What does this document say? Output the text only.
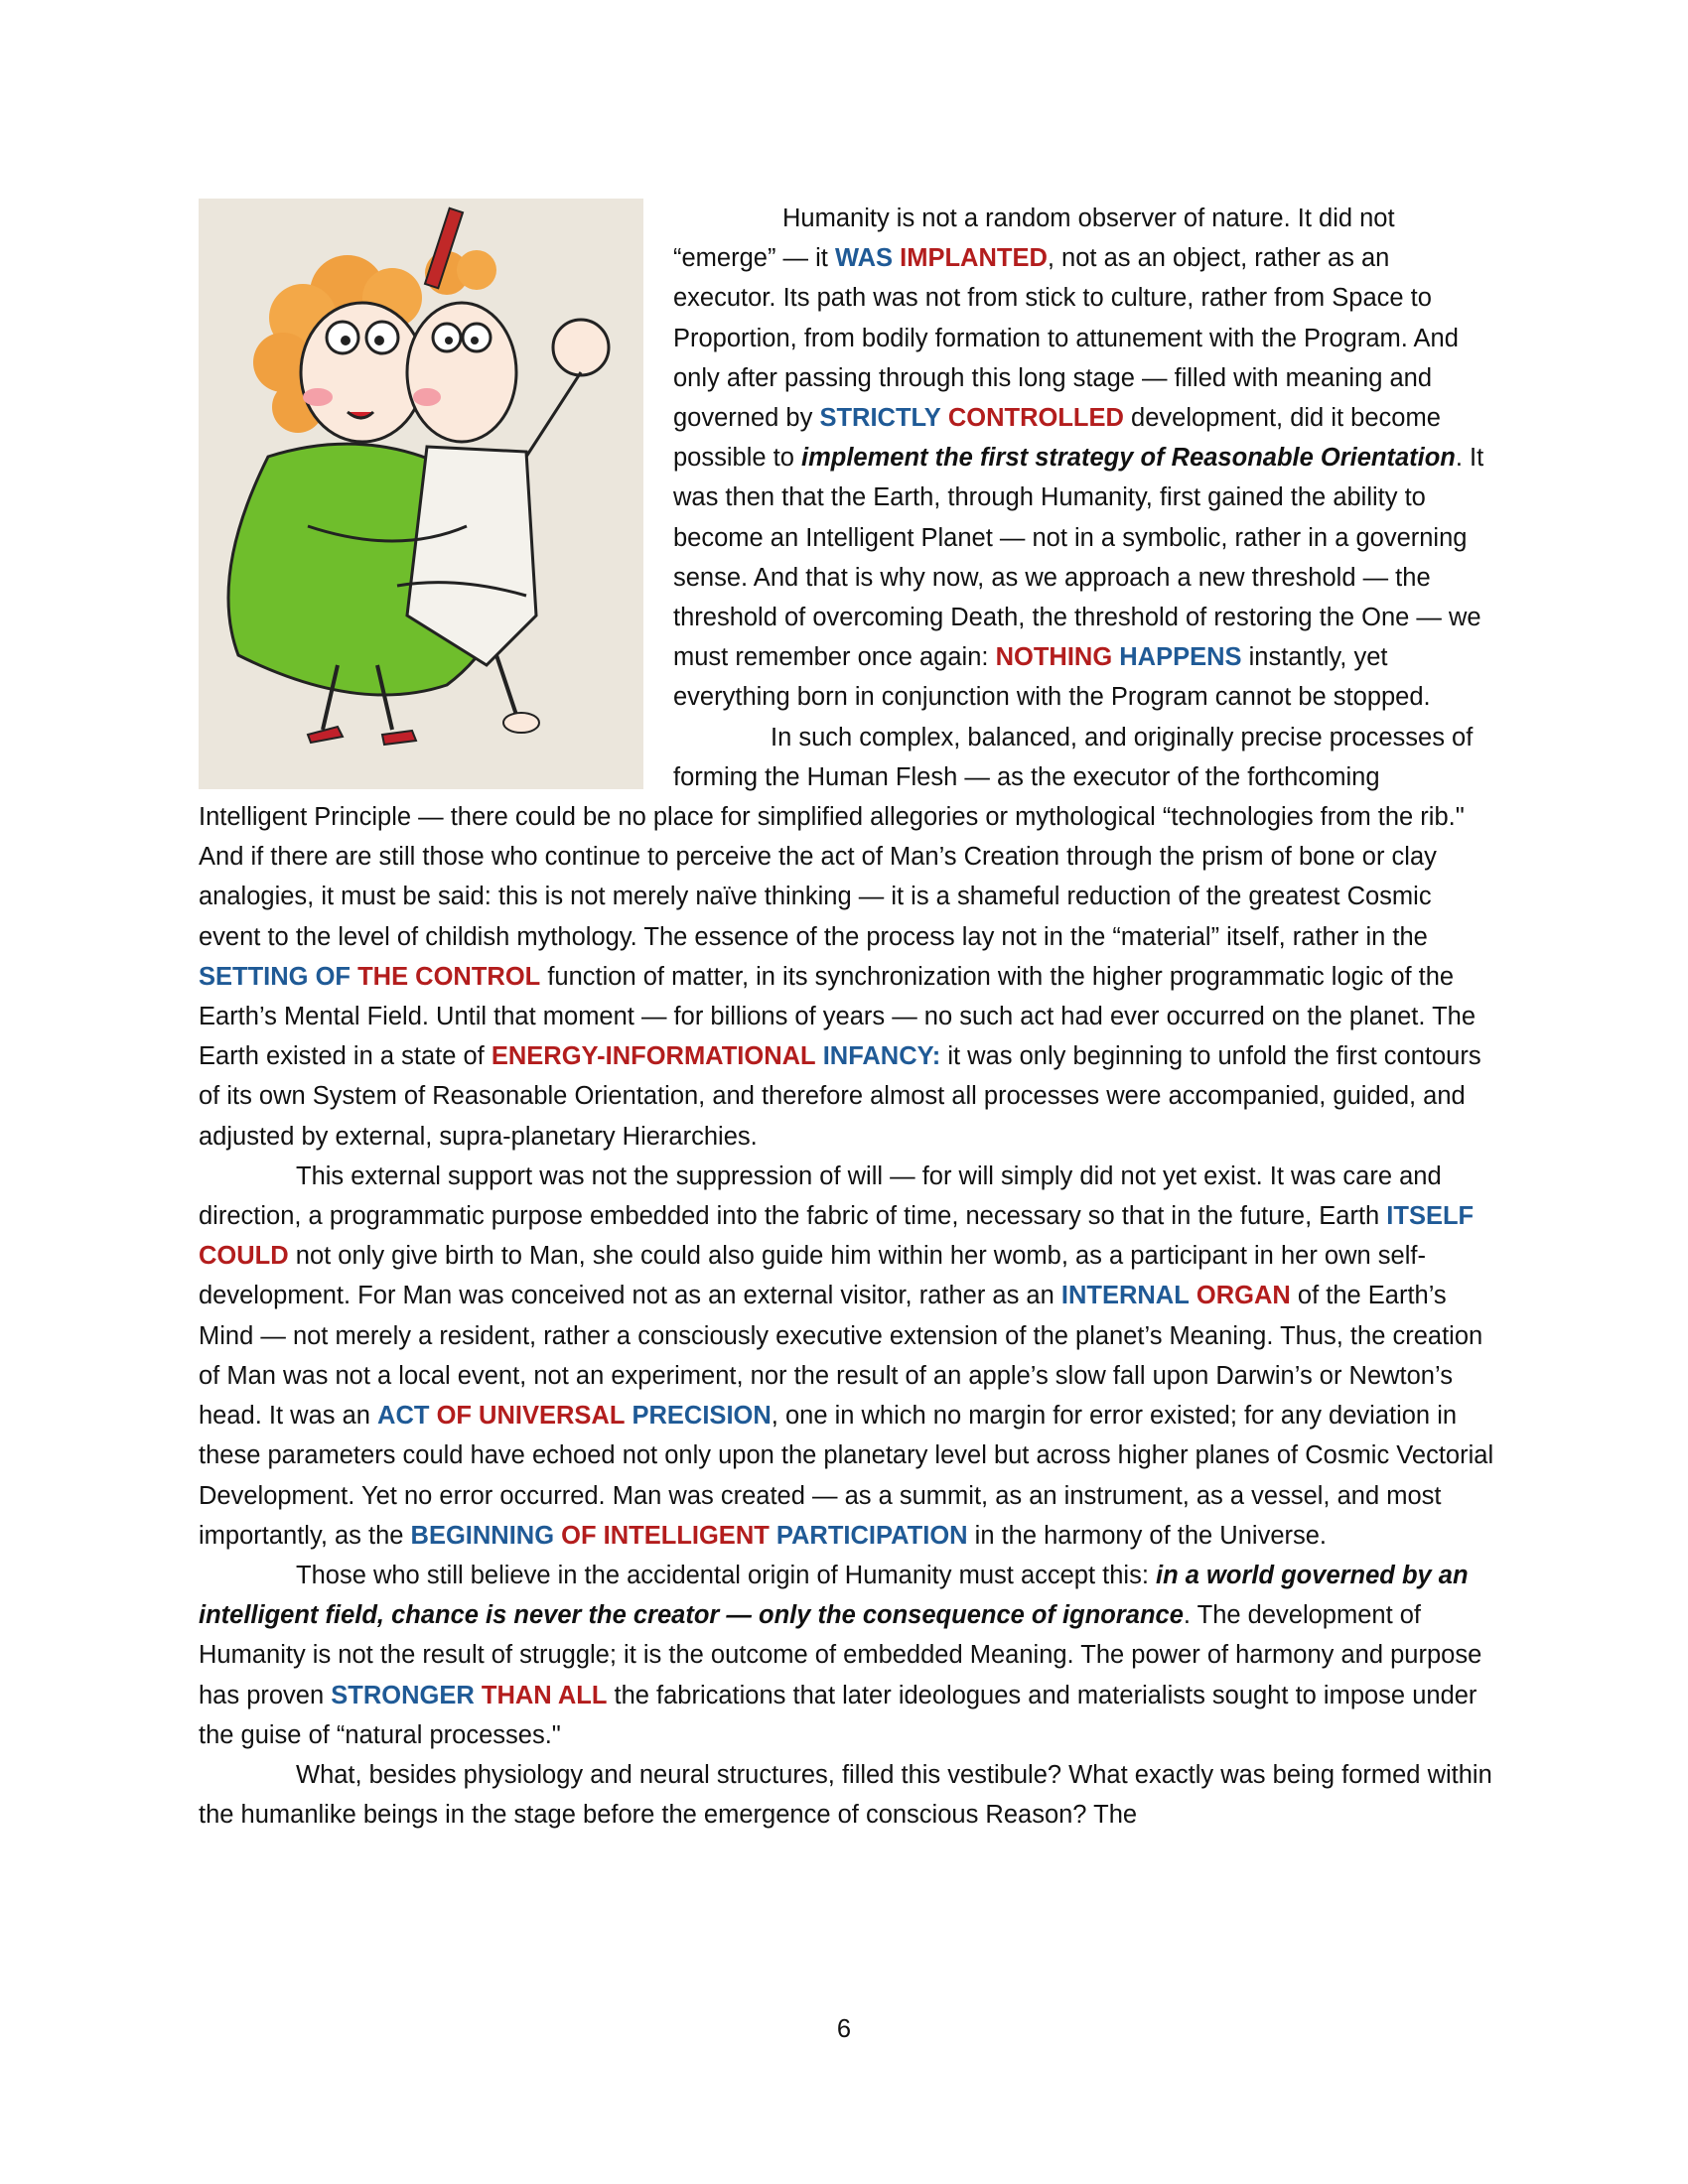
Humanity is not a random observer of nature. It did not “emerge” — it WAS IMPLANTED, not as an object, rather as an executor. Its path was not from stick to culture, rather from Space to Proportion, from bodily formation to attunement with the Program. And only after passing through this long stage — filled with meaning and governed by STRICTLY CONTROLLED development, did it become possible to implement the first strategy of Reasonable Orientation. It was then that the Earth, through Humanity, first gained the ability to become an Intelligent Planet — not in a symbolic, rather in a governing sense. And that is why now, as we approach a new threshold — the threshold of overcoming Death, the threshold of restoring the One — we must remember once again: NOTHING HAPPENS instantly, yet everything born in conjunction with the Program cannot be stopped.

In such complex, balanced, and originally precise processes of forming the Human Flesh — as the executor of the forthcoming Intelligent Principle — there could be no place for simplified allegories or mythological “technologies from the rib." And if there are still those who continue to perceive the act of Man’s Creation through the prism of bone or clay analogies, it must be said: this is not merely naïve thinking — it is a shameful reduction of the greatest Cosmic event to the level of childish mythology. The essence of the process lay not in the “material” itself, rather in the SETTING OF THE CONTROL function of matter, in its synchronization with the higher programmatic logic of the Earth’s Mental Field. Until that moment — for billions of years — no such act had ever occurred on the planet. The Earth existed in a state of ENERGY-INFORMATIONAL INFANCY: it was only beginning to unfold the first contours of its own System of Reasonable Orientation, and therefore almost all processes were accompanied, guided, and adjusted by external, supra-planetary Hierarchies.

This external support was not the suppression of will — for will simply did not yet exist. It was care and direction, a programmatic purpose embedded into the fabric of time, necessary so that in the future, Earth ITSELF COULD not only give birth to Man, she could also guide him within her womb, as a participant in her own self-development. For Man was conceived not as an external visitor, rather as an INTERNAL ORGAN of the Earth’s Mind — not merely a resident, rather a consciously executive extension of the planet’s Meaning. Thus, the creation of Man was not a local event, not an experiment, nor the result of an apple’s slow fall upon Darwin’s or Newton’s head. It was an ACT OF UNIVERSAL PRECISION, one in which no margin for error existed; for any deviation in these parameters could have echoed not only upon the planetary level but across higher planes of Cosmic Vectorial Development. Yet no error occurred. Man was created — as a summit, as an instrument, as a vessel, and most importantly, as the BEGINNING OF INTELLIGENT PARTICIPATION in the harmony of the Universe.

Those who still believe in the accidental origin of Humanity must accept this: in a world governed by an intelligent field, chance is never the creator — only the consequence of ignorance. The development of Humanity is not the result of struggle; it is the outcome of embedded Meaning. The power of harmony and purpose has proven STRONGER THAN ALL the fabrications that later ideologues and materialists sought to impose under the guise of “natural processes."

What, besides physiology and neural structures, filled this vestibule? What exactly was being formed within the humanlike beings in the stage before the emergence of conscious Reason? The

6
